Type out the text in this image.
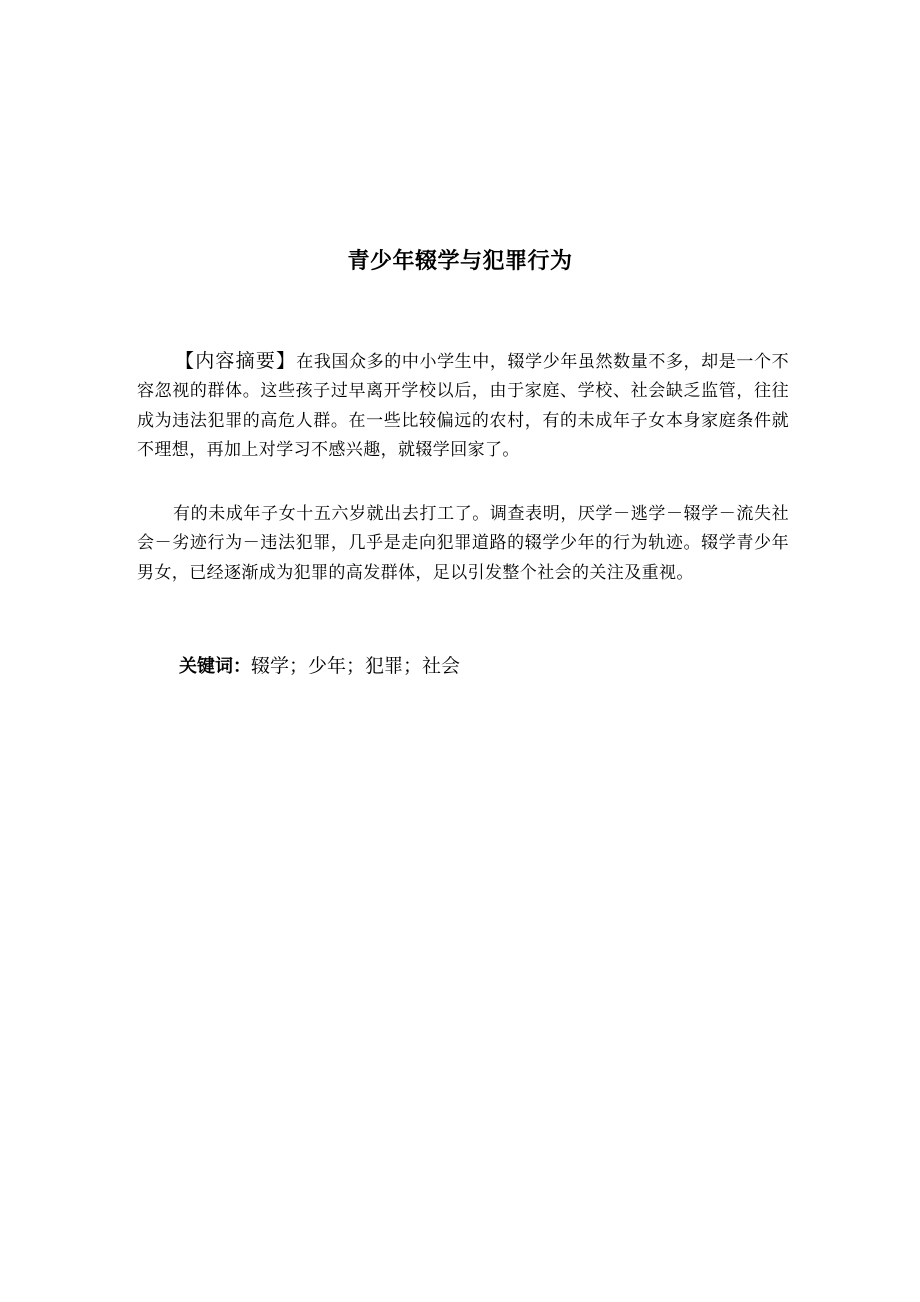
青少年辍学与犯罪行为
【内容摘要】在我国众多的中小学生中，辍学少年虽然数量不多，却是一个不容忽视的群体。这些孩子过早离开学校以后，由于家庭、学校、社会缺乏监管，往往成为违法犯罪的高危人群。在一些比较偏远的农村，有的未成年子女本身家庭条件就不理想，再加上对学习不感兴趣，就辍学回家了。
有的未成年子女十五六岁就出去打工了。调查表明，厌学－逃学－辍学－流失社会－劣迹行为－违法犯罪，几乎是走向犯罪道路的辍学少年的行为轨迹。辍学青少年男女，已经逐渐成为犯罪的高发群体，足以引发整个社会的关注及重视。
关键词：辍学；少年；犯罪；社会
